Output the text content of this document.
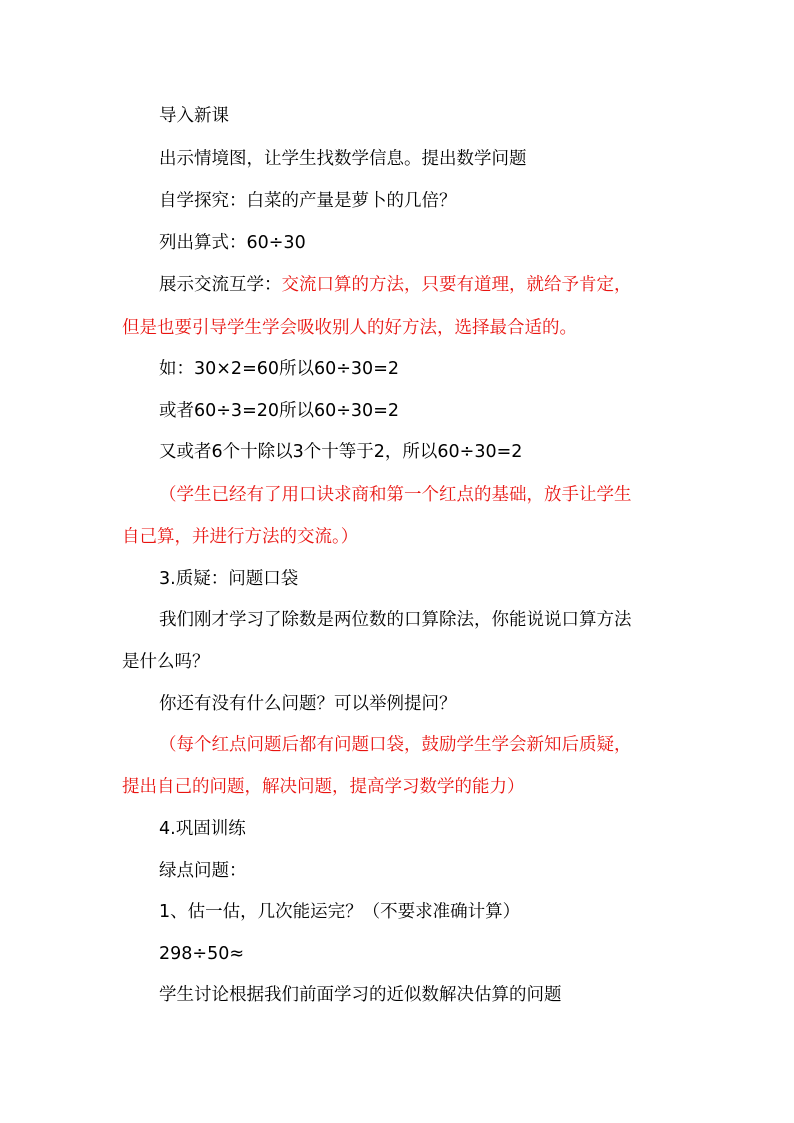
导入新课
出示情境图，让学生找数学信息。提出数学问题
自学探究：白菜的产量是萝卜的几倍？
列出算式：60÷30
展示交流互学：交流口算的方法，只要有道理，就给予肯定，
但是也要引导学生学会吸收别人的好方法，选择最合适的。
如：30×2=60所以60÷30=2
或者60÷3=20所以60÷30=2
又或者6个十除以3个十等于2，所以60÷30=2
（学生已经有了用口诀求商和第一个红点的基础，放手让学生
自己算，并进行方法的交流。）
3.质疑：问题口袋
我们刚才学习了除数是两位数的口算除法，你能说说口算方法
是什么吗？
你还有没有什么问题？可以举例提问？
（每个红点问题后都有问题口袋，鼓励学生学会新知后质疑，
提出自己的问题，解决问题，提高学习数学的能力）
4.巩固训练
绿点问题：
1、估一估，几次能运完？（不要求准确计算）
298÷50≈
学生讨论根据我们前面学习的近似数解决估算的问题
